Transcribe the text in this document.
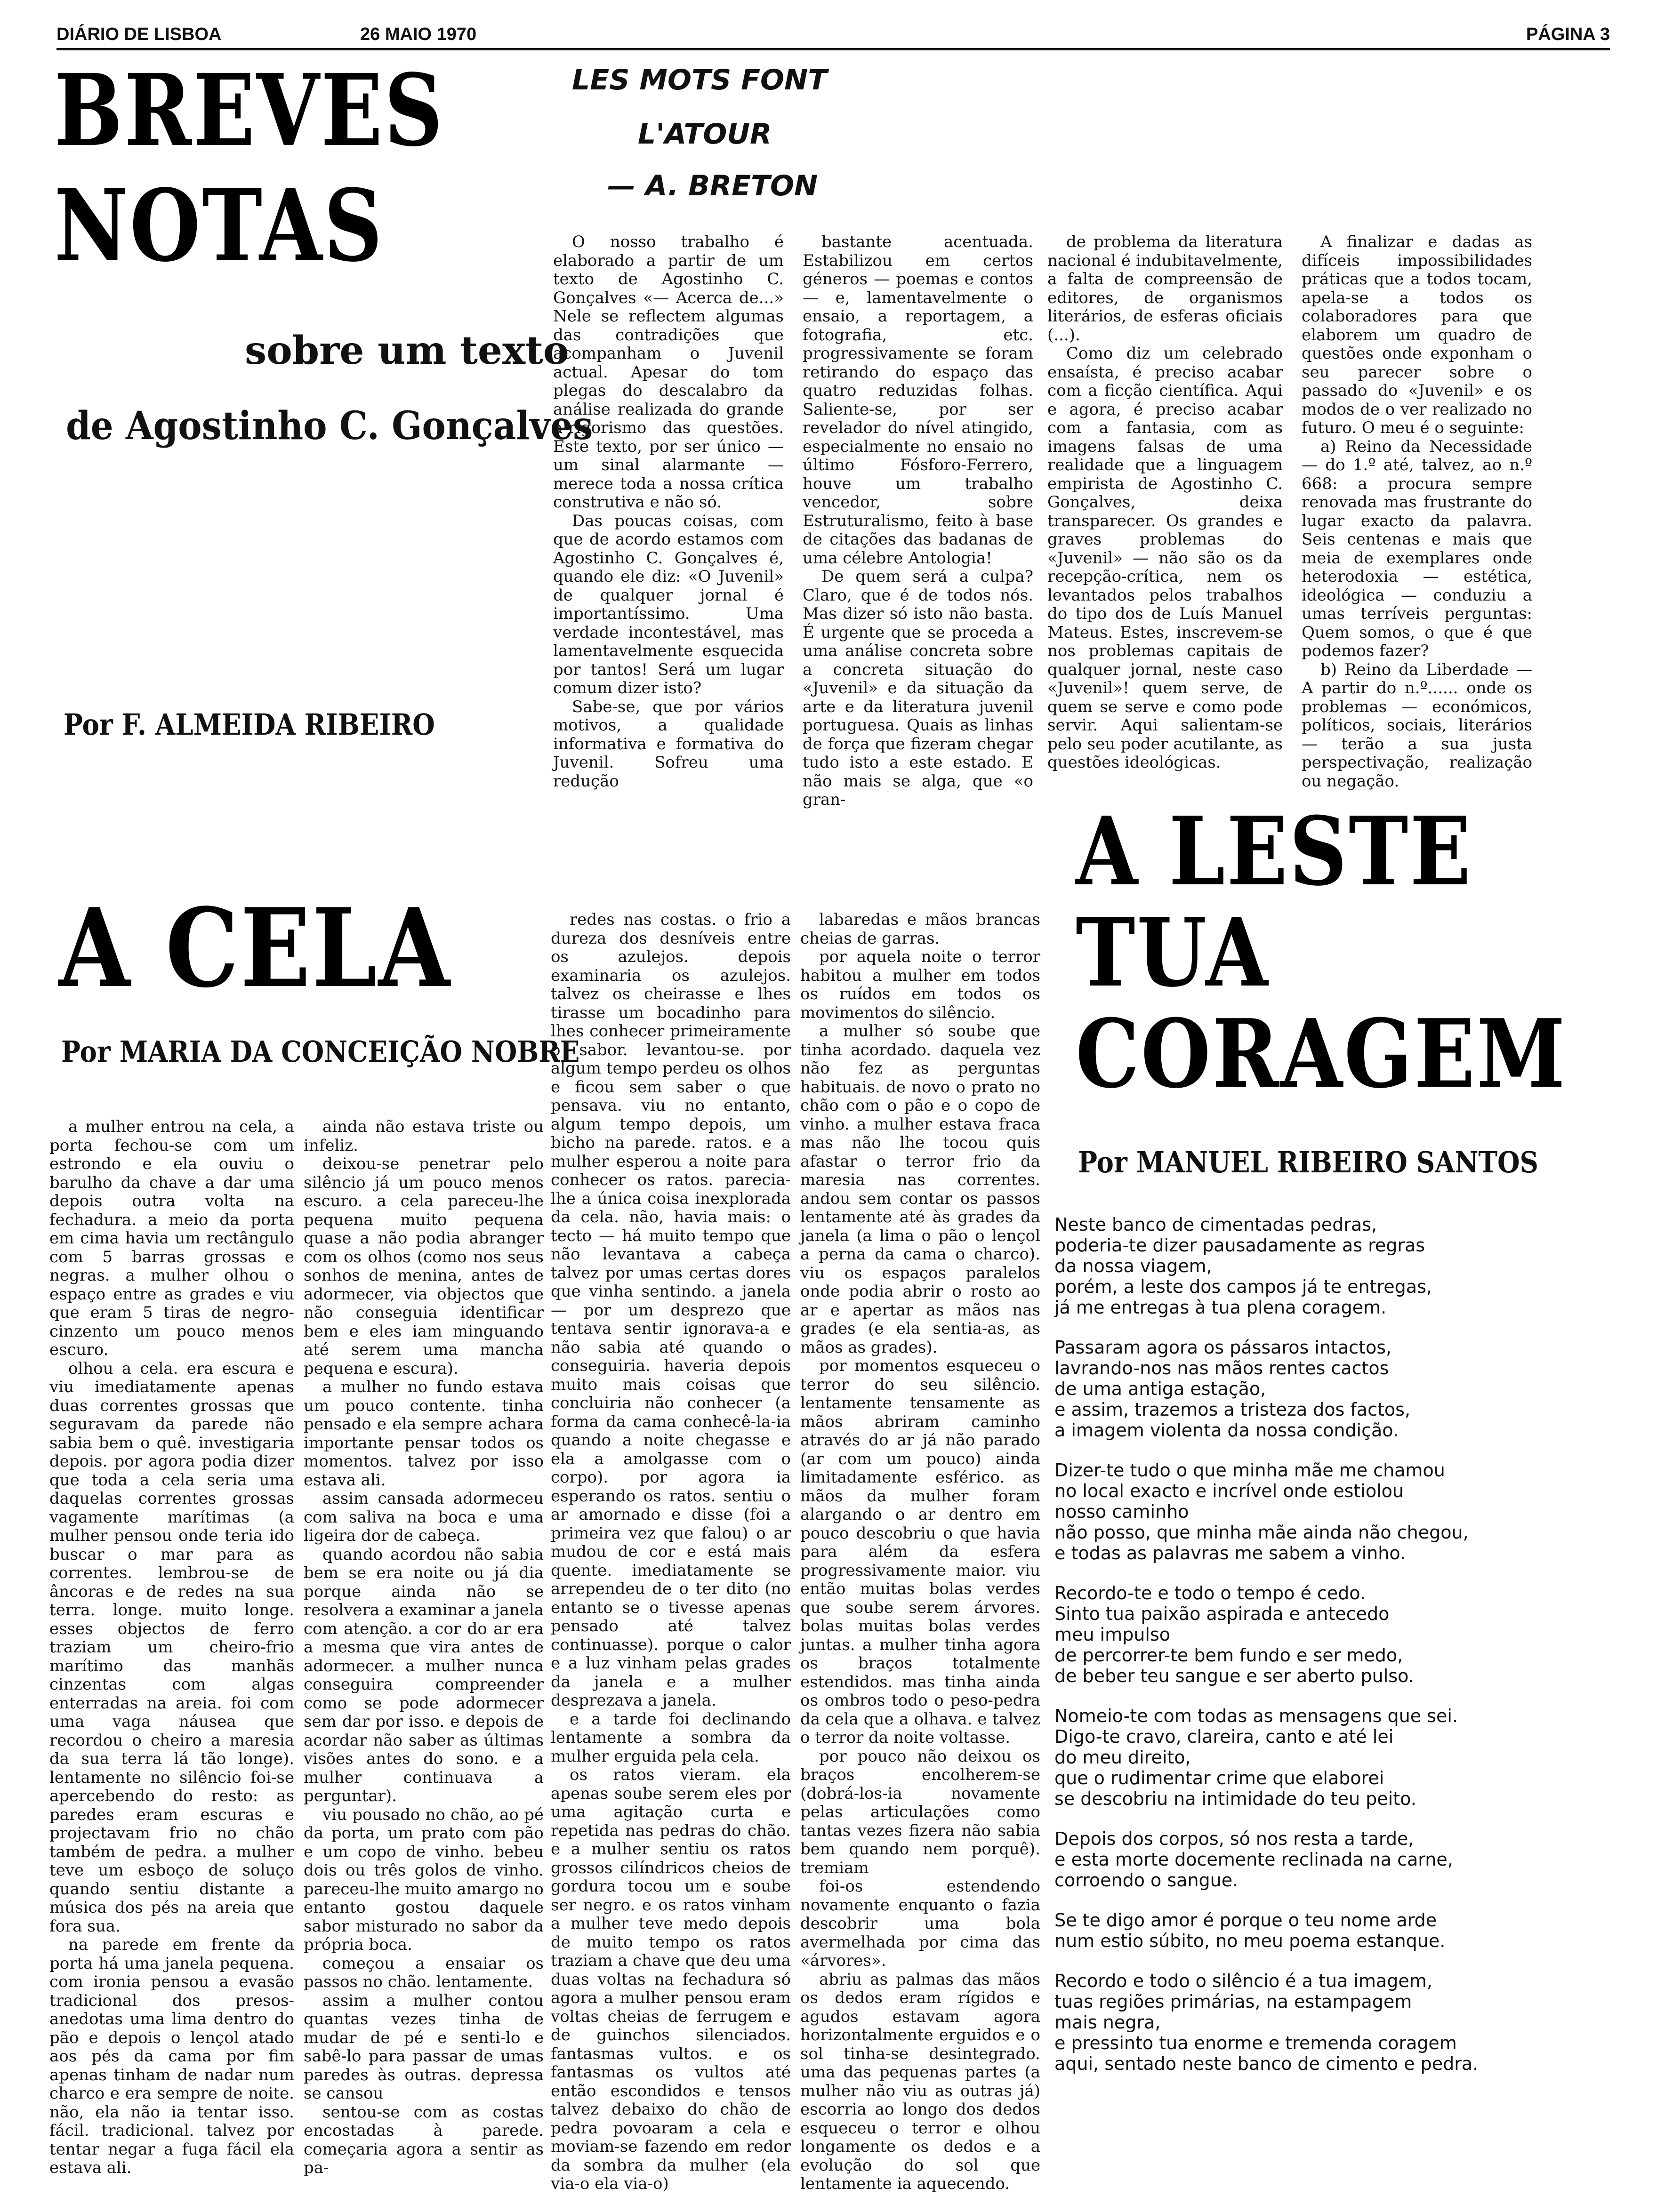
DIÁRIO DE LISBOA	26 MAIO 1970	PÁGINA 3
BREVES
NOTAS
sobre um texto
de Agostinho C. Gonçalves
Por F. ALMEIDA RIBEIRO
LES MOTS FONT
L'ATOUR
— A. BRETON

O nosso trabalho é elaborado a partir de um texto de Agostinho C. Gonçalves «— Acerca de...» Nele se reflectem algumas das contradições que acompanham o Juvenil actual. Apesar do tom plegas do descalabro da análise realizada do grande a-rigorismo das questões. Este texto, por ser único — um sinal alarmante — merece toda a nossa crítica construtiva e não só.

Das poucas coisas, com que de acordo estamos com Agostinho C. Gonçalves é, quando ele diz: «O Juvenil» de qualquer jornal é importantíssimo. Uma verdade incontestável, mas lamentavelmente esquecida por tantos! Será um lugar comum dizer isto?

Sabe-se, que por vários motivos, a qualidade informativa e formativa do Juvenil. Sofreu uma redução

bastante acentuada. Estabilizou em certos géneros — poemas e contos — e, lamentavelmente o ensaio, a reportagem, a fotografia, etc. progressivamente se foram retirando do espaço das quatro reduzidas folhas. Saliente-se, por ser revelador do nível atingido, especialmente no ensaio no último Fósforo-Ferrero, houve um trabalho vencedor, sobre Estruturalismo, feito à base de citações das badanas de uma célebre Antologia!

De quem será a culpa? Claro, que é de todos nós. Mas dizer só isto não basta. É urgente que se proceda a uma análise concreta sobre a concreta situação do «Juvenil» e da situação da arte e da literatura juvenil portuguesa. Quais as linhas de força que fizeram chegar tudo isto a este estado. E não mais se alga, que «o gran-

de problema da literatura nacional é indubitavelmente, a falta de compreensão de editores, de organismos literários, de esferas oficiais (...).

Como diz um celebrado ensaísta, é preciso acabar com a ficção científica. Aqui e agora, é preciso acabar com a fantasia, com as imagens falsas de uma realidade que a linguagem empirista de Agostinho C. Gonçalves, deixa transparecer. Os grandes e graves problemas do «Juvenil» — não são os da recepção-crítica, nem os levantados pelos trabalhos do tipo dos de Luís Manuel Mateus. Estes, inscrevem-se nos problemas capitais de qualquer jornal, neste caso «Juvenil»! quem serve, de quem se serve e como pode servir. Aqui salientam-se pelo seu poder acutilante, as questões ideológicas.

A finalizar e dadas as difíceis impossibilidades práticas que a todos tocam, apela-se a todos os colaboradores para que elaborem um quadro de questões onde exponham o seu parecer sobre o passado do «Juvenil» e os modos de o ver realizado no futuro. O meu é o seguinte:

a) Reino da Necessidade — do 1.º até, talvez, ao n.º 668: a procura sempre renovada mas frustrante do lugar exacto da palavra. Seis centenas e mais que meia de exemplares onde heterodoxia — estética, ideológica — conduziu a umas terríveis perguntas: Quem somos, o que é que podemos fazer?

b) Reino da Liberdade — A partir do n.º...... onde os problemas — económicos, políticos, sociais, literários — terão a sua justa perspectivação, realização ou negação.

A CELA
Por MARIA DA CONCEIÇÃO NOBRE

a mulher entrou na cela, a porta fechou-se com um estrondo e ela ouviu o barulho da chave a dar uma depois outra volta na fechadura. a meio da porta em cima havia um rectângulo com 5 barras grossas e negras. a mulher olhou o espaço entre as grades e viu que eram 5 tiras de negro-cinzento um pouco menos escuro.

olhou a cela. era escura e viu imediatamente apenas duas correntes grossas que seguravam da parede não sabia bem o quê. investigaria depois. por agora podia dizer que toda a cela seria uma daquelas correntes grossas vagamente marítimas (a mulher pensou onde teria ido buscar o mar para as correntes. lembrou-se de âncoras e de redes na sua terra. longe. muito longe. esses objectos de ferro traziam um cheiro-frio marítimo das manhãs cinzentas com algas enterradas na areia. foi com uma vaga náusea que recordou o cheiro a maresia da sua terra lá tão longe). lentamente no silêncio foi-se apercebendo do resto: as paredes eram escuras e projectavam frio no chão também de pedra. a mulher teve um esboço de soluço quando sentiu distante a música dos pés na areia que fora sua.

na parede em frente da porta há uma janela pequena. com ironia pensou a evasão tradicional dos presos-anedotas uma lima dentro do pão e depois o lençol atado aos pés da cama por fim apenas tinham de nadar num charco e era sempre de noite. não, ela não ia tentar isso. fácil. tradicional. talvez por tentar negar a fuga fácil ela estava ali.

ainda não estava triste ou infeliz.

deixou-se penetrar pelo silêncio já um pouco menos escuro. a cela pareceu-lhe pequena muito pequena quase a não podia abranger com os olhos (como nos seus sonhos de menina, antes de adormecer, via objectos que não conseguia identificar bem e eles iam minguando até serem uma mancha pequena e escura).

a mulher no fundo estava um pouco contente. tinha pensado e ela sempre achara importante pensar todos os momentos. talvez por isso estava ali.

assim cansada adormeceu com saliva na boca e uma ligeira dor de cabeça.

quando acordou não sabia bem se era noite ou já dia porque ainda não se resolvera a examinar a janela com atenção. a cor do ar era a mesma que vira antes de adormecer. a mulher nunca conseguira compreender como se pode adormecer sem dar por isso. e depois de acordar não saber as últimas visões antes do sono. e a mulher continuava a perguntar).

viu pousado no chão, ao pé da porta, um prato com pão e um copo de vinho. bebeu dois ou três golos de vinho. pareceu-lhe muito amargo no entanto gostou daquele sabor misturado no sabor da própria boca.

começou a ensaiar os passos no chão. lentamente.

assim a mulher contou quantas vezes tinha de mudar de pé e senti-lo e sabê-lo para passar de umas paredes às outras. depressa se cansou

sentou-se com as costas encostadas à parede. começaria agora a sentir as pa-

redes nas costas. o frio a dureza dos desníveis entre os azulejos. depois examinaria os azulejos. talvez os cheirasse e lhes tirasse um bocadinho para lhes conhecer primeiramente o sabor. levantou-se. por algum tempo perdeu os olhos e ficou sem saber o que pensava. viu no entanto, algum tempo depois, um bicho na parede. ratos. e a mulher esperou a noite para conhecer os ratos. parecia-lhe a única coisa inexplorada da cela. não, havia mais: o tecto — há muito tempo que não levantava a cabeça talvez por umas certas dores que vinha sentindo. a janela — por um desprezo que tentava sentir ignorava-a e não sabia até quando o conseguiria. haveria depois muito mais coisas que concluiria não conhecer (a forma da cama conhecê-la-ia quando a noite chegasse e ela a amolgasse com o corpo). por agora ia esperando os ratos. sentiu o ar amornado e disse (foi a primeira vez que falou) o ar mudou de cor e está mais quente. imediatamente se arrependeu de o ter dito (no entanto se o tivesse apenas pensado até talvez continuasse). porque o calor e a luz vinham pelas grades da janela e a mulher desprezava a janela.

e a tarde foi declinando lentamente a sombra da mulher erguida pela cela.

os ratos vieram. ela apenas soube serem eles por uma agitação curta e repetida nas pedras do chão. e a mulher sentiu os ratos grossos cilíndricos cheios de gordura tocou um e soube ser negro. e os ratos vinham a mulher teve medo depois de muito tempo os ratos traziam a chave que deu uma duas voltas na fechadura só agora a mulher pensou eram voltas cheias de ferrugem e de guinchos silenciados. fantasmas vultos. e os fantasmas os vultos até então escondidos e tensos talvez debaixo do chão de pedra povoaram a cela e moviam-se fazendo em redor da sombra da mulher (ela via-o ela via-o)

labaredas e mãos brancas cheias de garras.

por aquela noite o terror habitou a mulher em todos os ruídos em todos os movimentos do silêncio.

a mulher só soube que tinha acordado. daquela vez não fez as perguntas habituais. de novo o prato no chão com o pão e o copo de vinho. a mulher estava fraca mas não lhe tocou quis afastar o terror frio da maresia nas correntes. andou sem contar os passos lentamente até às grades da janela (a lima o pão o lençol a perna da cama o charco). viu os espaços paralelos onde podia abrir o rosto ao ar e apertar as mãos nas grades (e ela sentia-as, as mãos as grades).

por momentos esqueceu o terror do seu silêncio. lentamente tensamente as mãos abriram caminho através do ar já não parado (ar com um pouco) ainda limitadamente esférico. as mãos da mulher foram alargando o ar dentro em pouco descobriu o que havia para além da esfera progressivamente maior. viu então muitas bolas verdes que soube serem árvores. bolas muitas bolas verdes juntas. a mulher tinha agora os braços totalmente estendidos. mas tinha ainda os ombros todo o peso-pedra da cela que a olhava. e talvez o terror da noite voltasse.

por pouco não deixou os braços encolherem-se (dobrá-los-ia novamente pelas articulações como tantas vezes fizera não sabia bem quando nem porquê). tremiam

foi-os estendendo novamente enquanto o fazia descobrir uma bola avermelhada por cima das «árvores».

abriu as palmas das mãos os dedos eram rígidos e agudos estavam agora horizontalmente erguidos e o sol tinha-se desintegrado. uma das pequenas partes (a mulher não viu as outras já) escorria ao longo dos dedos esqueceu o terror e olhou longamente os dedos e a evolução do sol que lentamente ia aquecendo.

A LESTE
TUA
CORAGEM
Por MANUEL RIBEIRO SANTOS
Neste banco de cimentadas pedras,
poderia-te dizer pausadamente as regras
da nossa viagem,
porém, a leste dos campos já te entregas,
já me entregas à tua plena coragem.
Passaram agora os pássaros intactos,
lavrando-nos nas mãos rentes cactos
de uma antiga estação,
e assim, trazemos a tristeza dos factos,
a imagem violenta da nossa condição.
Dizer-te tudo o que minha mãe me chamou
no local exacto e incrível onde estiolou
nosso caminho
não posso, que minha mãe ainda não chegou,
e todas as palavras me sabem a vinho.
Recordo-te e todo o tempo é cedo.
Sinto tua paixão aspirada e antecedo
meu impulso
de percorrer-te bem fundo e ser medo,
de beber teu sangue e ser aberto pulso.
Nomeio-te com todas as mensagens que sei.
Digo-te cravo, clareira, canto e até lei
do meu direito,
que o rudimentar crime que elaborei
se descobriu na intimidade do teu peito.
Depois dos corpos, só nos resta a tarde,
e esta morte docemente reclinada na carne,
corroendo o sangue.
Se te digo amor é porque o teu nome arde
num estio súbito, no meu poema estanque.
Recordo e todo o silêncio é a tua imagem,
tuas regiões primárias, na estampagem
mais negra,
e pressinto tua enorme e tremenda coragem
aqui, sentado neste banco de cimento e pedra.
